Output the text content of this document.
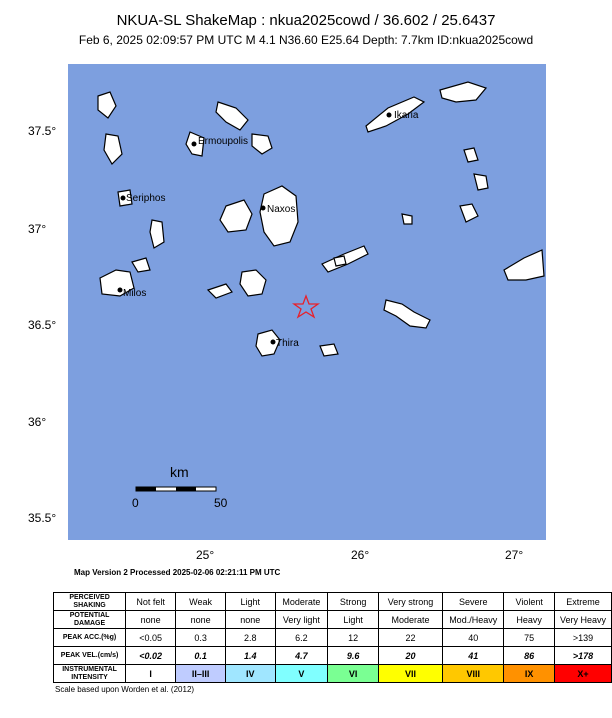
NKUA-SL ShakeMap : nkua2025cowd / 36.602 / 25.6437
Feb 6, 2025 02:09:57 PM UTC M 4.1 N36.60 E25.64 Depth: 7.7km ID:nkua2025cowd
Ikaria
Ermoupolis
Naxos
Seriphos
Milos
Thira
km
0	50
37.5°
37°
36.5°
36°
35.5°
25°	26°	27°
Map Version 2 Processed 2025-02-06 02:21:11 PM UTC
PERCEIVED SHAKING	Not felt	Weak	Light	Moderate	Strong	Very strong	Severe	Violent	Extreme
POTENTIAL DAMAGE	none	none	none	Very light	Light	Moderate	Mod./Heavy	Heavy	Very Heavy
PEAK ACC.(%g)	<0.05	0.3	2.8	6.2	12	22	40	75	>139
PEAK VEL.(cm/s)	<0.02	0.1	1.4	4.7	9.6	20	41	86	>178
INSTRUMENTAL INTENSITY	I	II–III	IV	V	VI	VII	VIII	IX	X+
Scale based upon Worden et al. (2012)
